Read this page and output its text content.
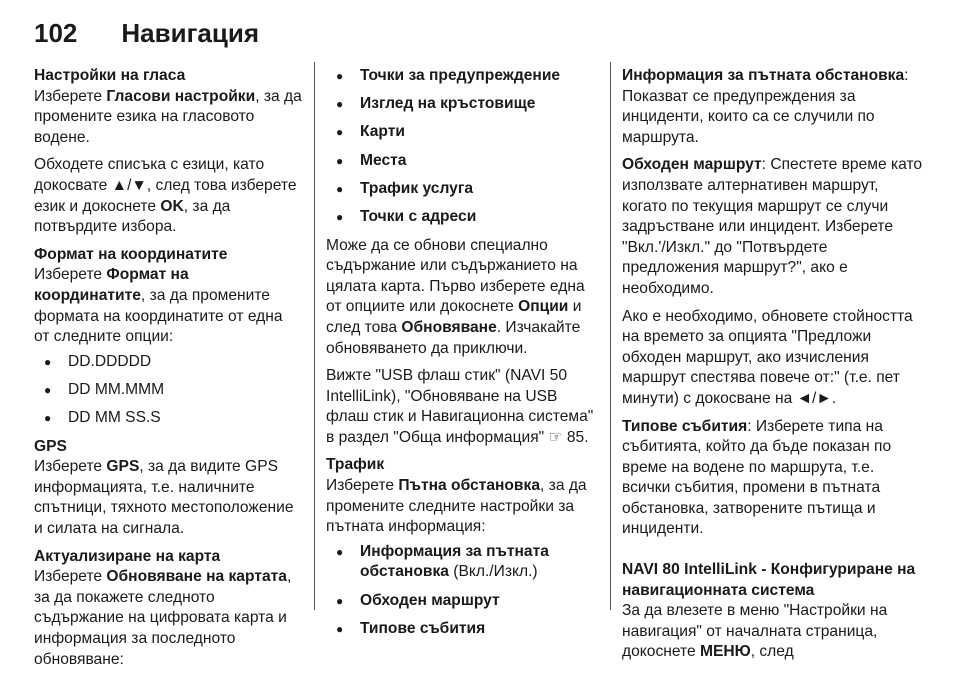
102 Навигация
Настройки на гласа

Изберете Гласови настройки, за да промените езика на гласовото водене.

Обходете списъка с езици, като докосвате ▲/▼, след това изберете език и докоснете OK, за да потвърдите избора.

Формат на координатите

Изберете Формат на координатите, за да промените формата на координатите от една от следните опции:

● DD.DDDDD
● DD MM.MMM
● DD MM SS.S
GPS

Изберете GPS, за да видите GPS информацията, т.е. наличните спътници, тяхното местоположение и силата на сигнала.

Актуализиране на карта

Изберете Обновяване на картата, за да покажете следното съдържание на цифровата карта и информация за последното обновяване:

● Точки за предупреждение
● Изглед на кръстовище
● Карти
● Места
● Трафик услуга
● Точки с адреси

Може да се обнови специално съдържание или съдържанието на цялата карта. Първо изберете една от опциите или докоснете Опции и след това Обновяване. Изчакайте обновяването да приключи.

Вижте "USB флаш стик" (NAVI 50 IntelliLink), "Обновяване на USB флаш стик и Навигационна система" в раздел "Обща информация" ☞ 85.

Трафик

Изберете Пътна обстановка, за да промените следните настройки за пътната информация:

● Информация за пътната обстановка (Вкл./Изкл.)
● Обходен маршрут
● Типове събития

Информация за пътната обстановка: Показват се предупреждения за инциденти, които са се случили по маршрута.

Обходен маршрут: Спестете време като използвате алтернативен маршрут, когато по текущия маршрут се случи задръстване или инцидент. Изберете "Вкл.'/Изкл." до "Потвърдете предложения маршрут?", ако е необходимо.

Ако е необходимо, обновете стойността на времето за опцията "Предложи обходен маршрут, ако изчисления маршрут спестява повече от:" (т.е. пет минути) с докосване на ◄/►.

Типове събития: Изберете типа на събитията, който да бъде показан по време на водене по маршрута, т.е. всички събития, промени в пътната обстановка, затворените пътища и инциденти.

NAVI 80 IntelliLink - Конфигуриране на навигационната система

За да влезете в меню "Настройки на навигация" от началната страница, докоснете МЕНЮ, след
